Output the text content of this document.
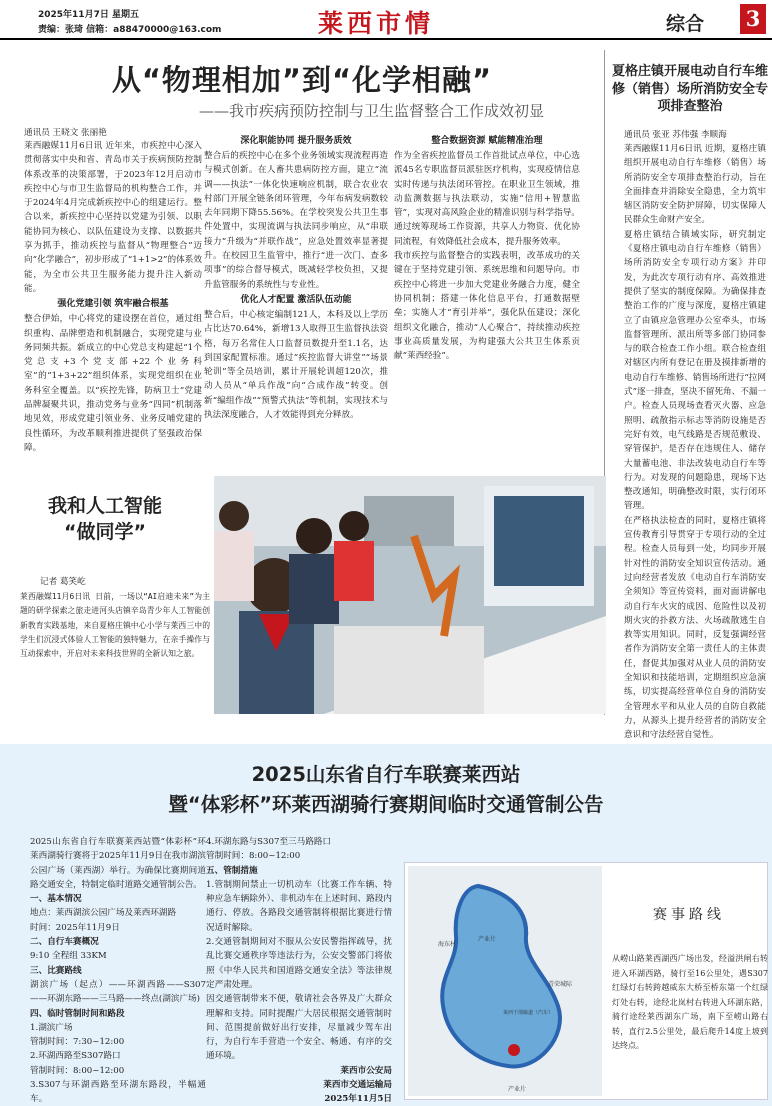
2025年11月7日 星期五
责编：张琦 信箱：a88470000@163.com	莱西市情	综合 3
从“物理相加”到“化学相融”
——我市疾病预防控制与卫生监督整合工作成效初显
通讯员 王晓文 张丽艳

莱西融媒11月6日讯 近年来，市疾控中心深入贯彻落实中央和省、青岛市关于疾病预防控制体系改革的决策部署，于2023年12月启动市疾控中心与市卫生监督局的机构整合工作，并于2024年4月完成新疾控中心的组建运行。整合以来，新疾控中心坚持以党建为引领、以职能协同为核心、以队伍建设为支撑、以数据共享为抓手，推动疾控与监督从“物理整合”迈向“化学融合”，初步形成了“1+1>2”的体系效能，为全市公共卫生服务能力提升注入新动能。

强化党建引领 筑牢融合根基

整合伊始，中心将党的建设摆在首位，通过组织重构、品牌塑造和机制融合，实现党建与业务同频共振。新成立的中心党总支构建起“1个党总支+3个党支部+22个业务科室”的“1+3+22”组织体系，实现党组织在业务科室全覆盖。以“疾控先锋，防病卫士”党建品牌凝聚共识，推动党务与业务“四同”机制落地见效，形成党建引领业务、业务反哺党建的良性循环，为改革顺利推进提供了坚强政治保障。

深化职能协同 提升服务质效

整合后的疾控中心在多个业务领域实现流程再造与模式创新。在人畜共患病防控方面，建立“流调——执法”一体化快速响应机制，联合农业农村部门开展全链条闭环管理，今年布病发病数较去年同期下降55.56%。在学校突发公共卫生事件处置中，实现流调与执法同步响应，从“串联接力”升级为“并联作战”，应急处置效率显著提升。在校园卫生监管中，推行“进一次门、查多项事”的综合督导模式，既减轻学校负担，又提升监管服务的系统性与专业性。

优化人才配置 激活队伍动能

整合后，中心核定编制121人，本科及以上学历占比达70.64%，新增13人取得卫生监督执法资格，每万名常住人口监督员数提升至1.1名，达到国家配置标准。通过“疾控监督大讲堂”“场景轮训”等全员培训，累计开展轮训超120次，推动人员从“单兵作战”向“合成作战”转变。创新“编组作战”“预警式执法”等机制，实现技术与执法深度融合，人才效能得到充分释放。

整合数据资源 赋能精准治理

作为全省疾控监督员工作首批试点单位，中心选派45名专职监督员派驻医疗机构，实现疫情信息实时传递与执法闭环管控。在职业卫生领域，推动监测数据与执法联动，实施“信用+智慧监管”，实现对高风险企业的精准识别与科学指导。通过统筹现场工作资源，共享人力物资、优化协同流程，有效降低社会成本，提升服务效率。

我市疾控与监督整合的实践表明，改革成功的关键在于坚持党建引领、系统思维和问题导向。市疾控中心将进一步加大党建业务融合力度，健全协同机制；搭建一体化信息平台，打通数据壁垒；实施人才“育引并举”，强化队伍建设；深化组织文化融合，推动“人心聚合”，持续推动疾控事业高质量发展，为构建强大公共卫生体系贡献“莱西经验”。

夏格庄镇开展电动自行车维修（销售）场所消防安全专项排查整治
通讯员 张亚 苏伟强 李顺海
莱西融媒11月6日讯 近期，夏格庄镇组织开展电动自行车维修（销售）场所消防安全专项排查整治行动，旨在全面排查并消除安全隐患，全力筑牢辖区消防安全防护屏障，切实保障人民群众生命财产安全。
夏格庄镇结合镇域实际，研究制定《夏格庄镇电动自行车维修（销售）场所消防安全专项行动方案》并印发，为此次专项行动有序、高效推进提供了坚实的制度保障。为确保排查整治工作的广度与深度，夏格庄镇建立了由镇应急管理办公室牵头，市场监督管理所、派出所等多部门协同参与的联合检查工作小组。联合检查组对辖区内所有登记在册及摸排新增的电动自行车维修、销售场所进行“拉网式”逐一排查，坚决不留死角、不漏一户。检查人员现场查看灭火器、应急照明、疏散指示标志等消防设施是否完好有效，电气线路是否规范敷设、穿管保护，是否存在违规住人、储存大量蓄电池、非法改装电动自行车等行为。对发现的问题隐患，现场下达整改通知，明确整改时限，实行闭环管理。
在严格执法检查的同时，夏格庄镇将宣传教育引导贯穿于专项行动的全过程。检查人员每到一处，均同步开展针对性的消防安全知识宣传活动。通过向经营者发放《电动自行车消防安全须知》等宣传资料，面对面讲解电动自行车火灾的成因、危险性以及初期火灾的扑救方法、火场疏散逃生自救等实用知识。同时，反复强调经营者作为消防安全第一责任人的主体责任，督促其加强对从业人员的消防安全知识和技能培训，定期组织应急演练，切实提高经营单位自身的消防安全管理水平和从业人员的自防自救能力，从源头上提升经营者的消防安全意识和守法经营自觉性。
我和人工智能
“做同学”
记者 葛笑屹
莱西融媒11月6日讯 日前，一场以“AI启迪未来”为主题的研学探索之旅走进河头店镇辛岛青少年人工智能创新教育实践基地，来自夏格庄镇中心小学与莱西三中的学生们沉浸式体验人工智能的独特魅力，在亲手操作与互动探索中，开启对未来科技世界的全新认知之旅。
2025山东省自行车联赛莱西站
暨“体彩杯”环莱西湖骑行赛期间临时交通管制公告

2025山东省自行车联赛莱西站暨“体彩杯”环莱西湖骑行赛将于2025年11月9日在我市湖滨公园广场（莱西湖）举行。为确保比赛期间道路交通安全，特制定临时道路交通管制公告。

一、基本情况

地点：莱西湖滨公园广场及莱西环湖路
时间：2025年11月9日

二、自行车赛概况

9:10 全程组 33KM

三、比赛路线

湖滨广场（起点）——环湖西路——S307——环湖东路——三马路——终点(湖滨广场)

四、临时管制时间和路段

1.湖滨广场
管制时间：7:30~12:00
2.环湖西路至S307路口
管制时间：8:00~12:00
3.S307与环湖西路至环湖东路段，半幅通车。

4.环湖东路与S307至三马路路口
管制时间：8:00~12:00

五、管制措施

1.管制期间禁止一切机动车（比赛工作车辆、特种应急车辆除外）、非机动车在上述时间、路段内通行、停放。各路段交通管制将根据比赛进行情况适时解除。
2.交通管制期间对不服从公安民警指挥疏导，扰乱比赛交通秩序等违法行为，公安交警部门将依照《中华人民共和国道路交通安全法》等法律规定严肃处理。
因交通管制带来不便，敬请社会各界及广大群众理解和支持。同时提醒广大居民根据交通管制时间、范围提前做好出行安排，尽量减少驾车出行，为自行车手营造一个安全、畅通、有序的交通环境。

莱西市公安局

莱西市交通运输局

2025年11月5日

海东村
产业片
莱西干部廊道（汽车）
青荣城际
产业片
赛事路线
从崂山路莱西湖西广场出发，经溢洪闸右转进入环湖西路，骑行至16公里处，遇S307红绿灯右转跨越威东大桥至桥东第一个红绿灯处右转，途经北岚村右转进入环湖东路，骑行途经莱西湖东广场，南下至崂山路右转，直行2.5公里处，最后爬升14度上坡到达终点。
